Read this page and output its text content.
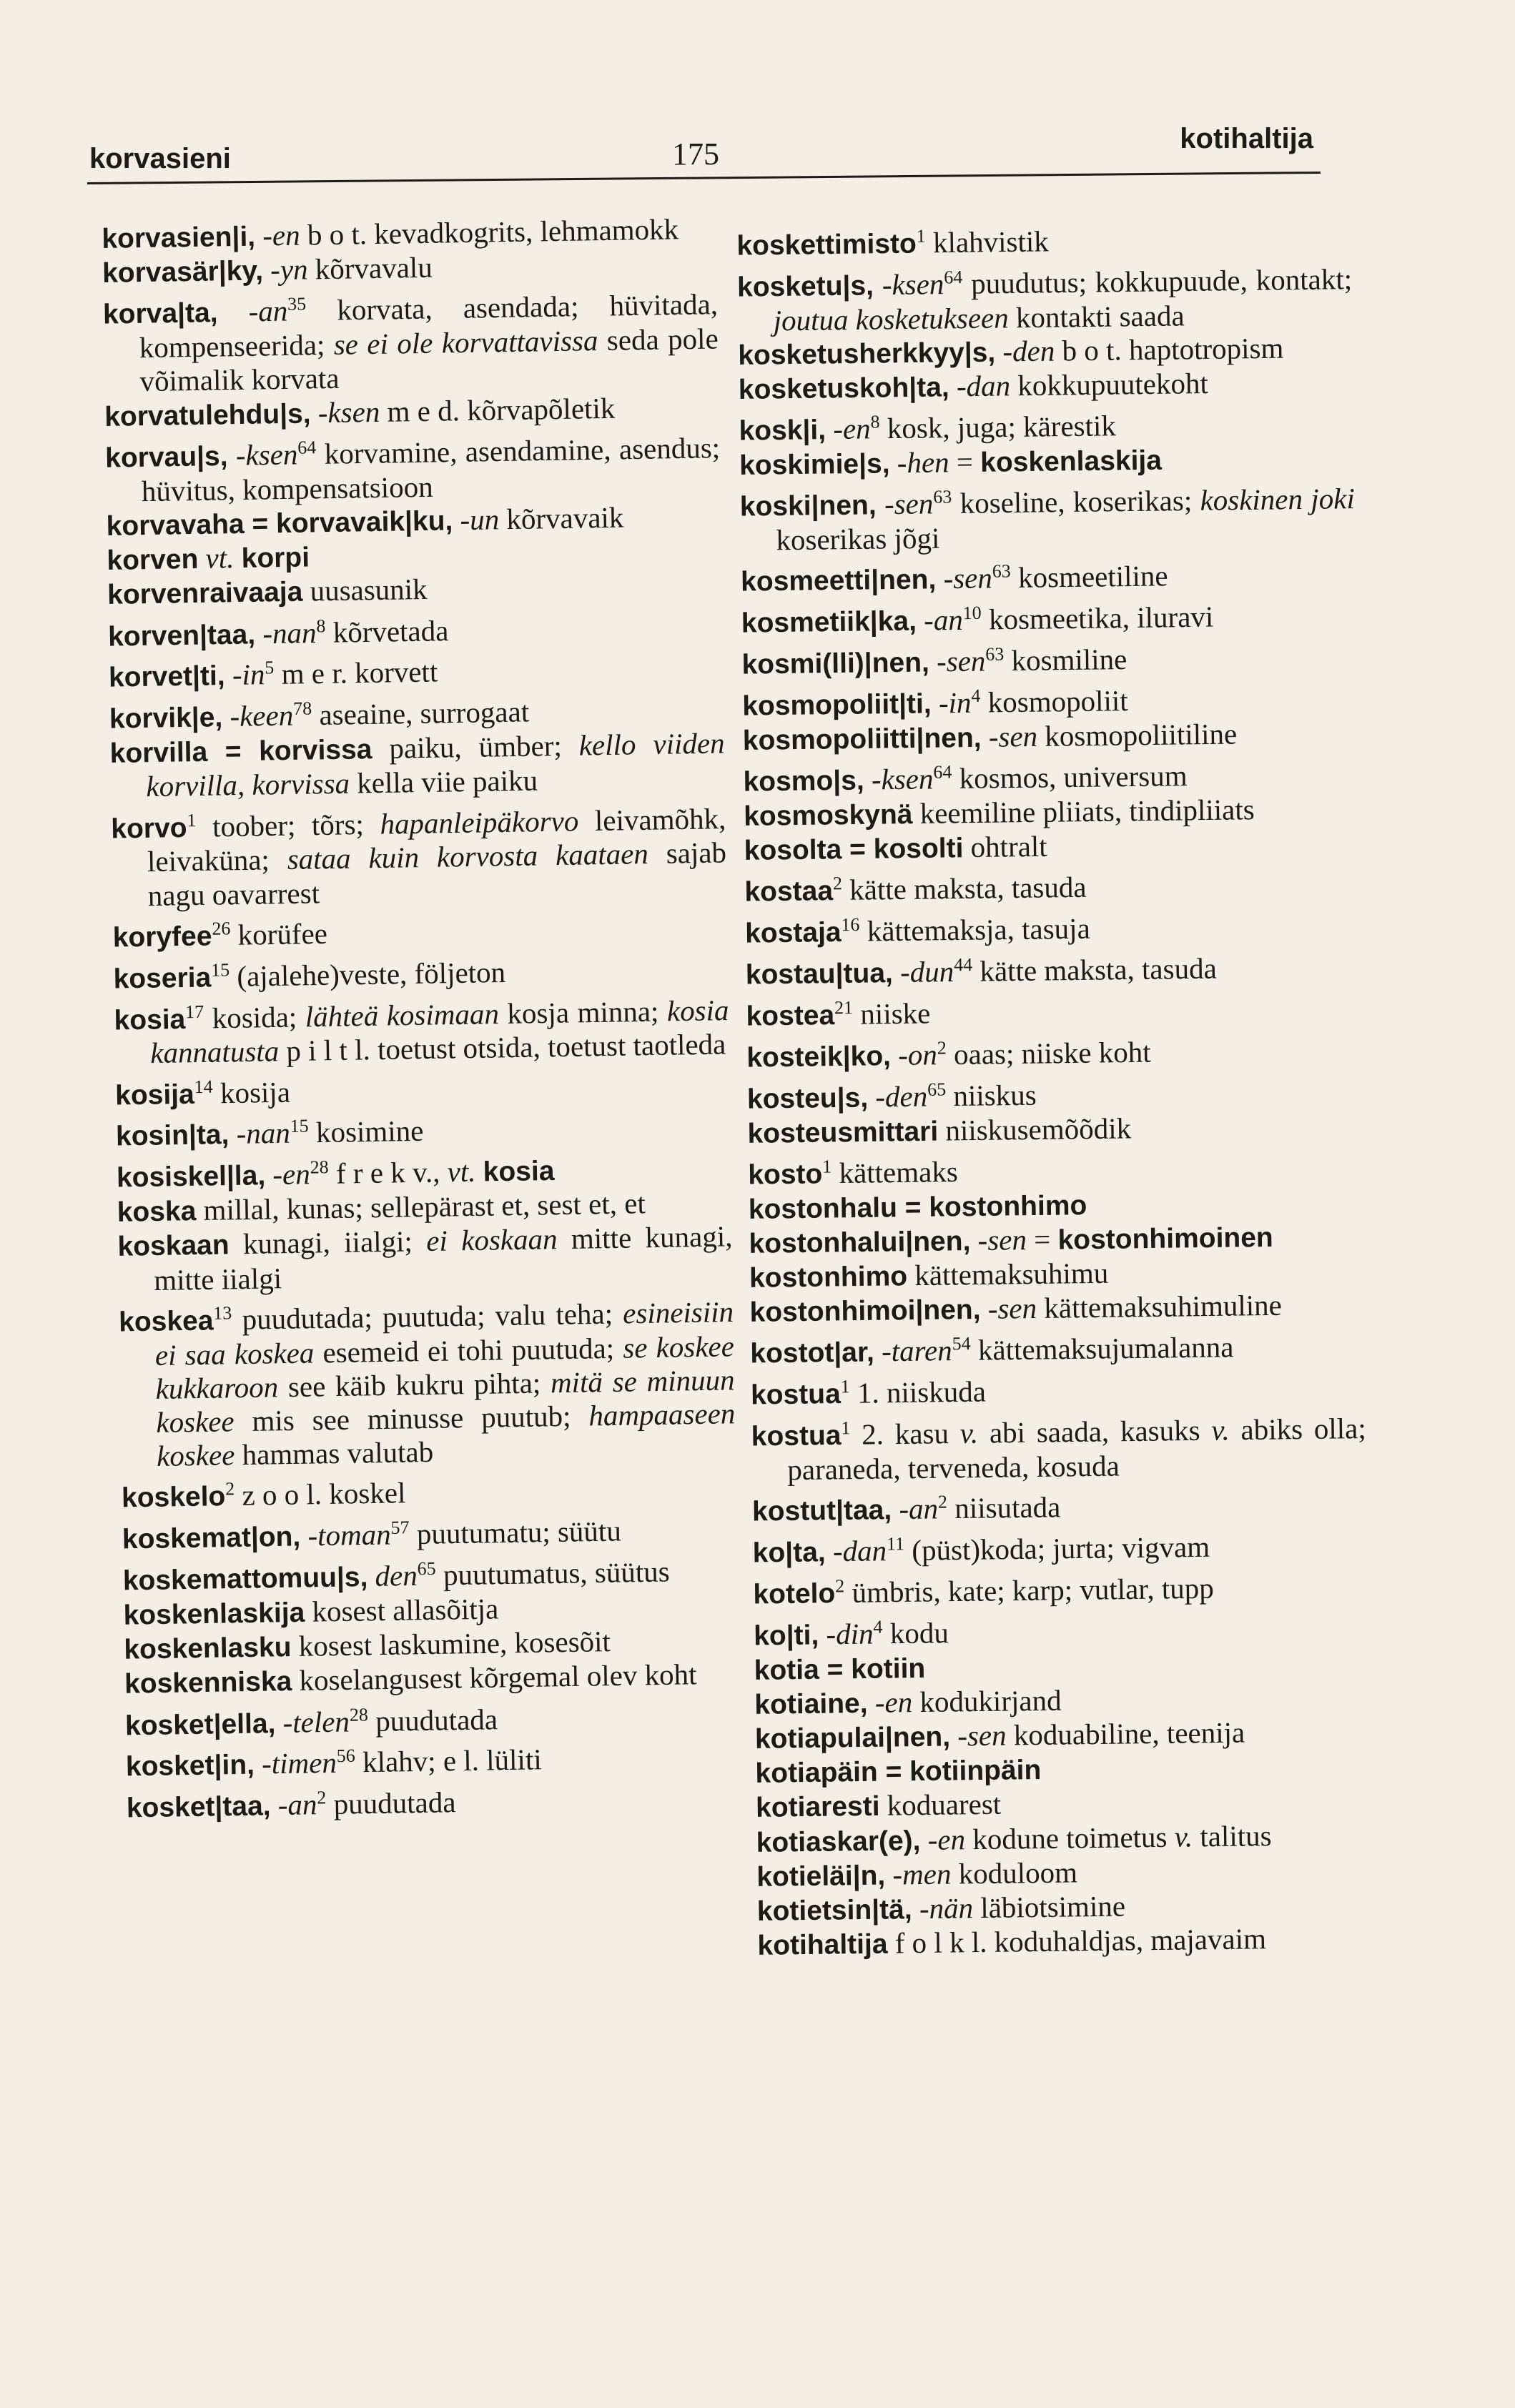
korvasieni	175	kotihaltija

korvasien|i, -en b o t. kevadkogrits, lehmamokk

korvasär|ky, -yn kõrvavalu

korva|ta, $-an^{35}$ korvata, asendada; hüvitada, kompenseerida; se ei ole korvattavissa seda pole võimalik korvata

korvatulehdu|s, -ksen m e d. kõrvapõletik

korvau|s, -ksen$^{64}$ korvamine, asendamine, asendus; hüvitus, kompensatsioon

korvavaha = korvavaik|ku, -un kõrvavaik

korven vt. korpi

korvenraivaaja uusasunik

korven|taa, -nan$^8$ kõrvetada

korvet|ti, $-in^5$ m e r. korvett

korvik|e, -keen$^{78}$ aseaine, surrogaat

korvilla = korvissa paiku, ümber; kello viiden korvilla, korvissa kella viie paiku

korvo$^1$ toober; tõrs; hapanleipäkorvo leivamõhk, leivaküna; sataa kuin korvosta kaataen sajab nagu oavarrest

koryfee$^{26}$ korüfee

koseria$^{15}$ (ajalehe)veste, följeton

kosia$^{17}$ kosida; lähteä kosimaan kosja minna; kosia kannatusta p i l t l. toetust otsida, toetust taotleda

kosija$^{14}$ kosija

kosin|ta, -nan$^{15}$ kosimine

kosiskel|la, $-en^{28}$ f r e k v., vt. kosia

koska millal, kunas; sellepärast et, sest et, et

koskaan kunagi, iialgi; ei koskaan mitte kunagi, mitte iialgi

koskea$^{13}$ puudutada; puutuda; valu teha; esineisiin ei saa koskea esemeid ei tohi puutuda; se koskee kukkaroon see käib kukru pihta; mitä se minuun koskee mis see minusse puutub; hampaaseen koskee hammas valutab

koskelo$^2$ z o o l. koskel

koskemat|on, -toman$^{57}$ puutumatu; süütu

koskemattomuu|s, den$^{65}$ puutumatus, süütus

koskenlaskija kosest allasõitja

koskenlasku kosest laskumine, kosesõit

koskenniska koselangusest kõrgemal olev koht

kosket|ella, -telen$^{28}$ puudutada

kosket|in, -timen$^{56}$ klahv; e l. lüliti

kosket|taa, $-an^2$ puudutada

koskettimisto$^1$ klahvistik

kosketu|s, -ksen$^{64}$ puudutus; kokkupuude, kontakt; joutua kosketukseen kontakti saada

kosketusherkkyy|s, -den b o t. haptotropism

kosketuskoh|ta, -dan kokkupuutekoht

kosk|i, $-en^8$ kosk, juga; kärestik

koskimie|s, -hen = koskenlaskija

koski|nen, -sen$^{63}$ koseline, koserikas; koskinen joki koserikas jõgi

kosmeetti|nen, -sen$^{63}$ kosmeetiline

kosmetiik|ka, $-an^{10}$ kosmeetika, iluravi

kosmi(lli)|nen, -sen$^{63}$ kosmiline

kosmopoliit|ti, $-in^4$ kosmopoliit

kosmopoliitti|nen, -sen kosmopoliitiline

kosmo|s, -ksen$^{64}$ kosmos, universum

kosmoskynä keemiline pliiats, tindipliiats

kosolta = kosolti ohtralt

kostaa$^2$ kätte maksta, tasuda

kostaja$^{16}$ kättemaksja, tasuja

kostau|tua, -dun$^{44}$ kätte maksta, tasuda

kostea$^{21}$ niiske

kosteik|ko, $-on^2$ oaas; niiske koht

kosteu|s, -den$^{65}$ niiskus

kosteusmittari niiskusemõõdik

kosto$^1$ kättemaks

kostonhalu = kostonhimo

kostonhalui|nen, -sen = kostonhimoinen

kostonhimo kättemaksuhimu

kostonhimoi|nen, -sen kättemaksuhimuline

kostot|ar, -taren$^{54}$ kättemaksujumalanna

kostua$^1$ 1. niiskuda

kostua$^1$ 2. kasu v. abi saada, kasuks v. abiks olla; paraneda, terveneda, kosuda

kostut|taa, $-an^2$ niisutada

ko|ta, -dan$^{11}$ (püst)koda; jurta; vigvam

kotelo$^2$ ümbris, kate; karp; vutlar, tupp

ko|ti, -din$^4$ kodu

kotia = kotiin

kotiaine, -en kodukirjand

kotiapulai|nen, -sen koduabiline, teenija

kotiapäin = kotiinpäin

kotiaresti koduarest

kotiaskar(e), -en kodune toimetus v. talitus

kotieläi|n, -men koduloom

kotietsin|tä, -nän läbiotsimine

kotihaltija f o l k l. koduhaldjas, majavaim
